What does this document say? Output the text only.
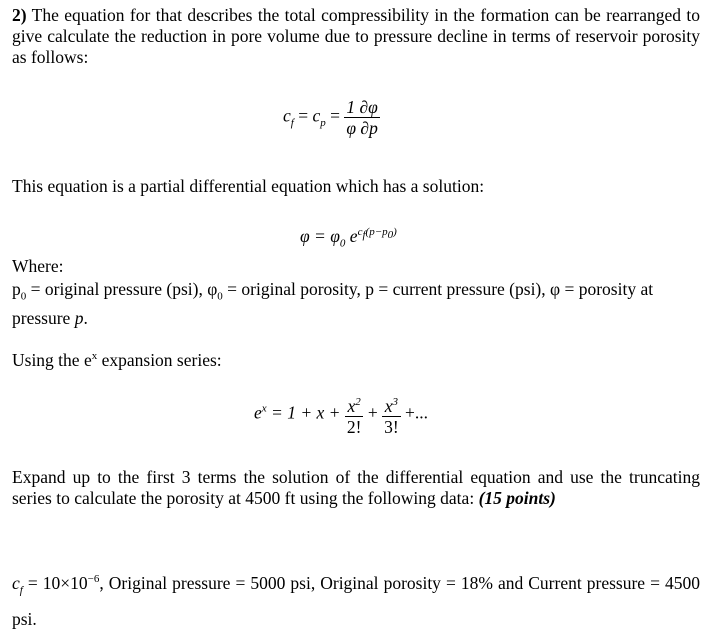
2) The equation for that describes the total compressibility in the formation can be rearranged to give calculate the reduction in pore volume due to pressure decline in terms of reservoir porosity as follows:
$c_f = c_p = \frac{1 \partial\varphi}{\varphi \partial p}$
This equation is a partial differential equation which has a solution:
$\varphi = \varphi_0$ $e^{c_f(p-p_0)}$
Where:
$p_0$ = original pressure (psi), $\varphi_0$ = original porosity, p = current pressure (psi), φ = porosity at pressure p.
Using the $e^x$ expansion series:
$e^x = 1 + x + \frac{x^2}{2!} + \frac{x^3}{3!}$ +...
Expand up to the first 3 terms the solution of the differential equation and use the truncating series to calculate the porosity at 4500 ft using the following data: (15 points)
$c_f = 10\times 10^{-6}$, Original pressure = 5000 psi, Original porosity = 18% and Current pressure = 4500 psi.
